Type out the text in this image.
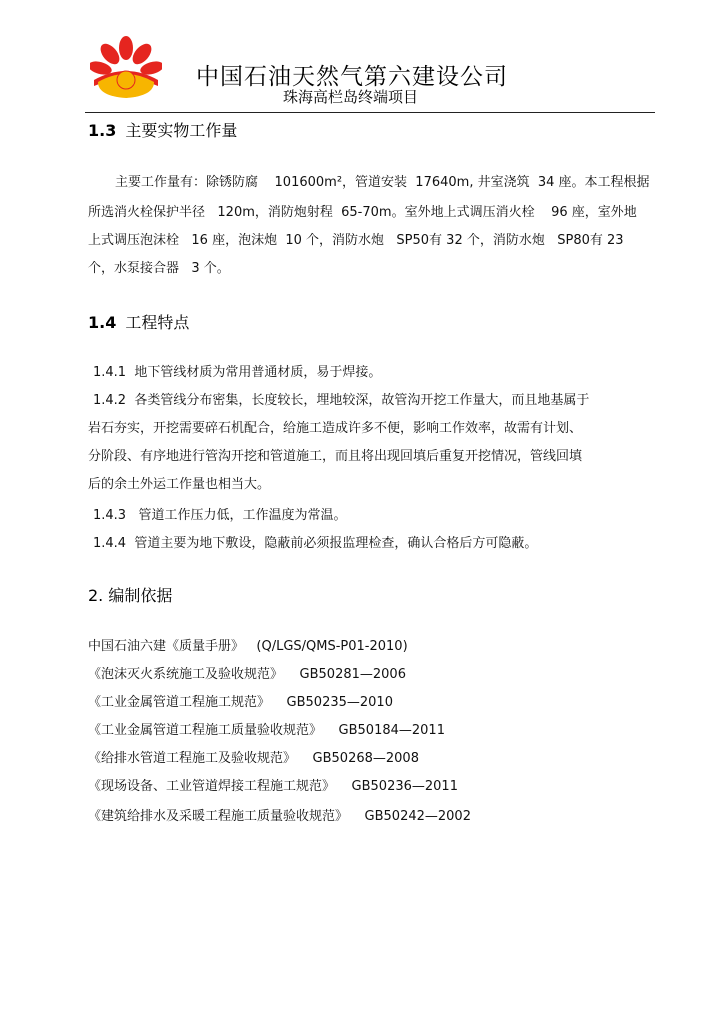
中国石油天然气第六建设公司
珠海高栏岛终端项目
1.3 主要实物工作量
主要工作量有：除锈防腐    101600m²，管道安装  17640m, 井室浇筑  34 座。本工程根据
所选消火栓保护半径   120m，消防炮射程  65-70m。室外地上式调压消火栓    96 座，室外地
上式调压泡沫栓   16 座，泡沫炮  10 个，消防水炮   SP50有 32 个，消防水炮   SP80有 23
个，水泵接合器   3 个。
1.4 工程特点
1.4.1  地下管线材质为常用普通材质，易于焊接。
1.4.2  各类管线分布密集，长度较长，埋地较深，故管沟开挖工作量大，而且地基属于
岩石夯实，开挖需要碎石机配合，给施工造成许多不便，影响工作效率，故需有计划、
分阶段、有序地进行管沟开挖和管道施工，而且将出现回填后重复开挖情况，管线回填
后的余土外运工作量也相当大。
1.4.3   管道工作压力低，工作温度为常温。
1.4.4  管道主要为地下敷设，隐蔽前必须报监理检查，确认合格后方可隐蔽。
2. 编制依据
中国石油六建《质量手册》   (Q/LGS/QMS-P01-2010)
《泡沫灭火系统施工及验收规范》    GB50281—2006
《工业金属管道工程施工规范》    GB50235—2010
《工业金属管道工程施工质量验收规范》    GB50184—2011
《给排水管道工程施工及验收规范》    GB50268—2008
《现场设备、工业管道焊接工程施工规范》    GB50236—2011
《建筑给排水及采暖工程施工质量验收规范》    GB50242—2002
